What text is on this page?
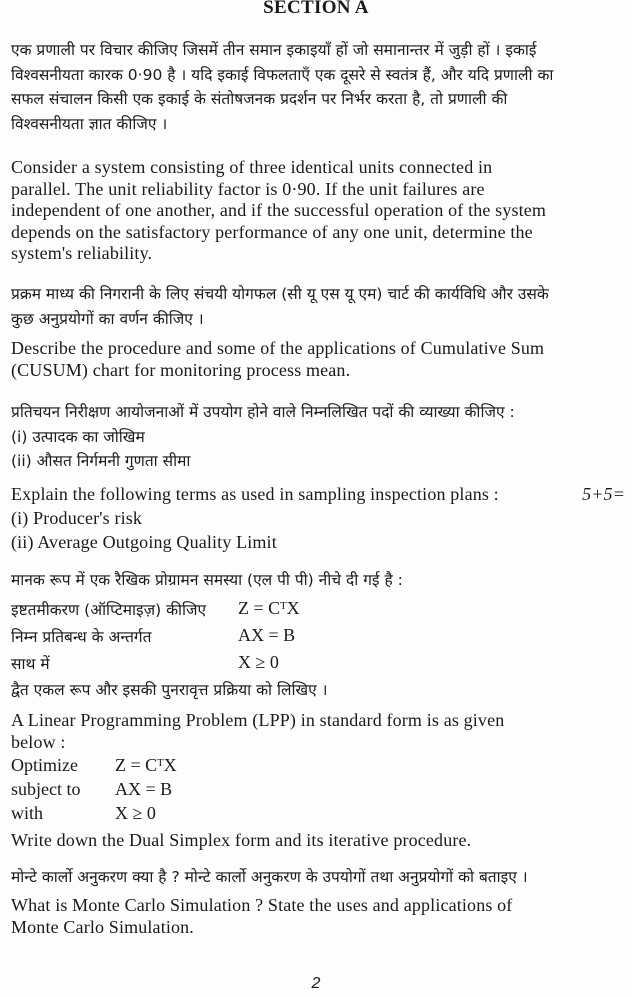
SECTION A
एक प्रणाली पर विचार कीजिए जिसमें तीन समान इकाइयाँ हों जो समानान्तर में जुड़ी हों । इकाई
विश्वसनीयता कारक 0·90 है । यदि इकाई विफलताएँ एक दूसरे से स्वतंत्र हैं, और यदि प्रणाली का
सफल संचालन किसी एक इकाई के संतोषजनक प्रदर्शन पर निर्भर करता है, तो प्रणाली की
विश्वसनीयता ज्ञात कीजिए ।
Consider a system consisting of three identical units connected in
parallel. The unit reliability factor is 0·90. If the unit failures are
independent of one another, and if the successful operation of the system
depends on the satisfactory performance of any one unit, determine the
system's reliability.
प्रक्रम माध्य की निगरानी के लिए संचयी योगफल (सी यू एस यू एम) चार्ट की कार्यविधि और उसके
कुछ अनुप्रयोगों का वर्णन कीजिए ।
Describe the procedure and some of the applications of Cumulative Sum
(CUSUM) chart for monitoring process mean.
प्रतिचयन निरीक्षण आयोजनाओं में उपयोग होने वाले निम्नलिखित पदों की व्याख्या कीजिए :
(i) उत्पादक का जोखिम
(ii) औसत निर्गमनी गुणता सीमा
Explain the following terms as used in sampling inspection plans :	5+5=
(i) Producer's risk
(ii) Average Outgoing Quality Limit
मानक रूप में एक रैखिक प्रोग्रामन समस्या (एल पी पी) नीचे दी गई है :
इष्टतमीकरण (ऑप्टिमाइज़) कीजिए Z = CᵀX
निम्न प्रतिबन्ध के अन्तर्गत	AX = B
साथ में	X ≥ 0
द्वैत एकल रूप और इसकी पुनरावृत्त प्रक्रिया को लिखिए ।
A Linear Programming Problem (LPP) in standard form is as given
below :
Optimize Z = CᵀX
subject to AX = B
with	X ≥ 0
Write down the Dual Simplex form and its iterative procedure.
मोन्टे कार्लो अनुकरण क्या है ? मोन्टे कार्लो अनुकरण के उपयोगों तथा अनुप्रयोगों को बताइए ।
What is Monte Carlo Simulation ? State the uses and applications of
Monte Carlo Simulation.
2
